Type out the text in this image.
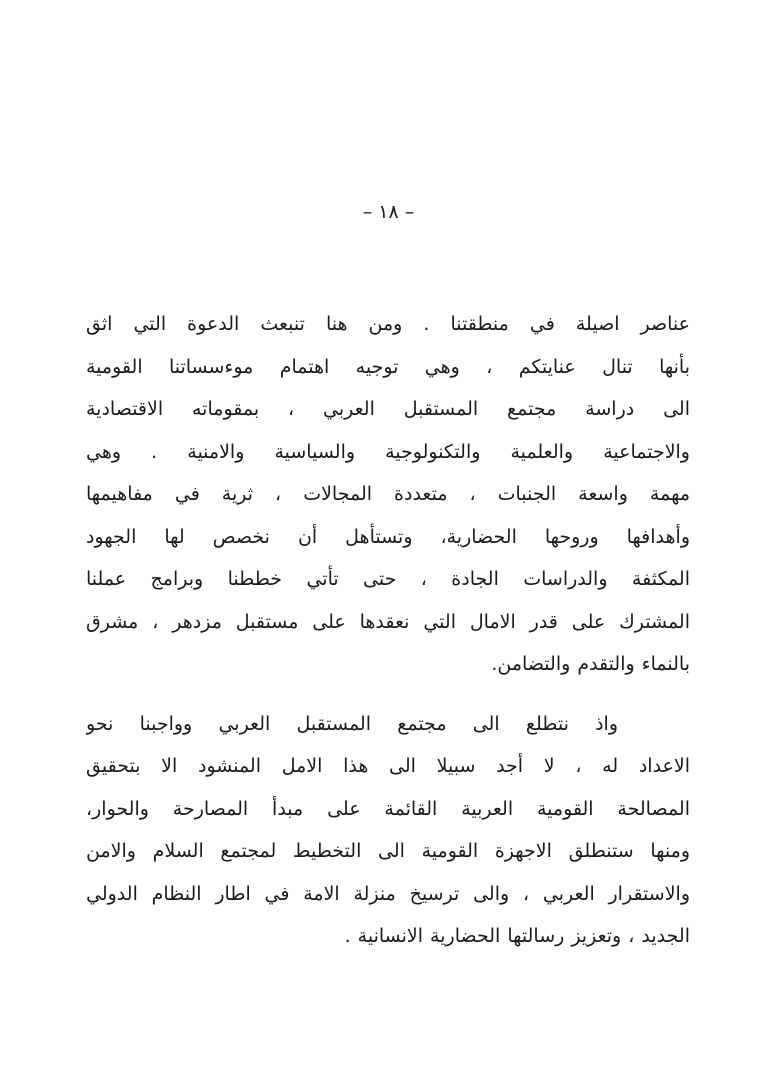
– ١٨ –
عناصر اصيلة في منطقتنا . ومن هنا تنبعث الدعوة التي اثق
بأنها تنال عنايتكم ، وهي توجيه اهتمام موءسساتنا القومية
الى دراسة مجتمع المستقبل العربي ، بمقوماته الاقتصادية
والاجتماعية والعلمية والتكنولوجية والسياسية والامنية . وهي
مهمة واسعة الجنبات ، متعددة المجالات ، ثرية في مفاهيمها
وأهدافها وروحها الحضارية، وتستأهل أن نخصص لها الجهود
المكثفة والدراسات الجادة ، حتى تأتي خططنا وبرامج عملنا
المشترك على قدر الامال التي نعقدها على مستقبل مزدهر ، مشرق
بالنماء والتقدم والتضامن.
واذ نتطلع الى مجتمع المستقبل العربي وواجبنا نحو
الاعداد له ، لا أجد سبيلا الى هذا الامل المنشود الا بتحقيق
المصالحة القومية العربية القائمة على مبدأ المصارحة والحوار،
ومنها ستنطلق الاجهزة القومية الى التخطيط لمجتمع السلام والامن
والاستقرار العربي ، والى ترسيخ منزلة الامة في اطار النظام الدولي
الجديد ، وتعزيز رسالتها الحضارية الانسانية .
